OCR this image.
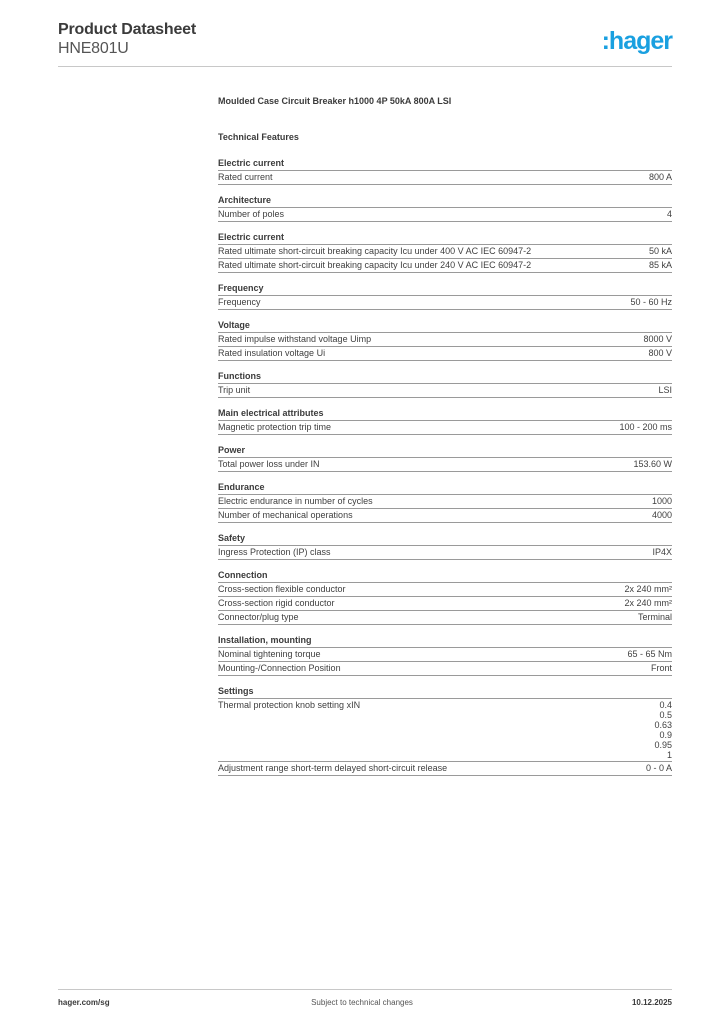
Product Datasheet
HNE801U	:hager
Moulded Case Circuit Breaker h1000 4P 50kA 800A LSI
Technical Features
Electric current
Rated current	800 A
Architecture
Number of poles	4
Electric current
Rated ultimate short-circuit breaking capacity Icu under 400 V AC IEC 60947-2	50 kA
Rated ultimate short-circuit breaking capacity Icu under 240 V AC IEC 60947-2	85 kA
Frequency
Frequency	50 - 60 Hz
Voltage
Rated impulse withstand voltage Uimp	8000 V
Rated insulation voltage Ui	800 V
Functions
Trip unit	LSI
Main electrical attributes
Magnetic protection trip time	100 - 200 ms
Power
Total power loss under IN	153.60 W
Endurance
Electric endurance in number of cycles	1000
Number of mechanical operations	4000
Safety
Ingress Protection (IP) class	IP4X
Connection
Cross-section flexible conductor	2x 240 mm²
Cross-section rigid conductor	2x 240 mm²
Connector/plug type	Terminal
Installation, mounting
Nominal tightening torque	65 - 65 Nm
Mounting-/Connection Position	Front
Settings
Thermal protection knob setting xIN	0.4
0.5
0.63
0.9
0.95
1
Adjustment range short-term delayed short-circuit release	0 - 0 A
hager.com/sg	Subject to technical changes	10.12.2025
